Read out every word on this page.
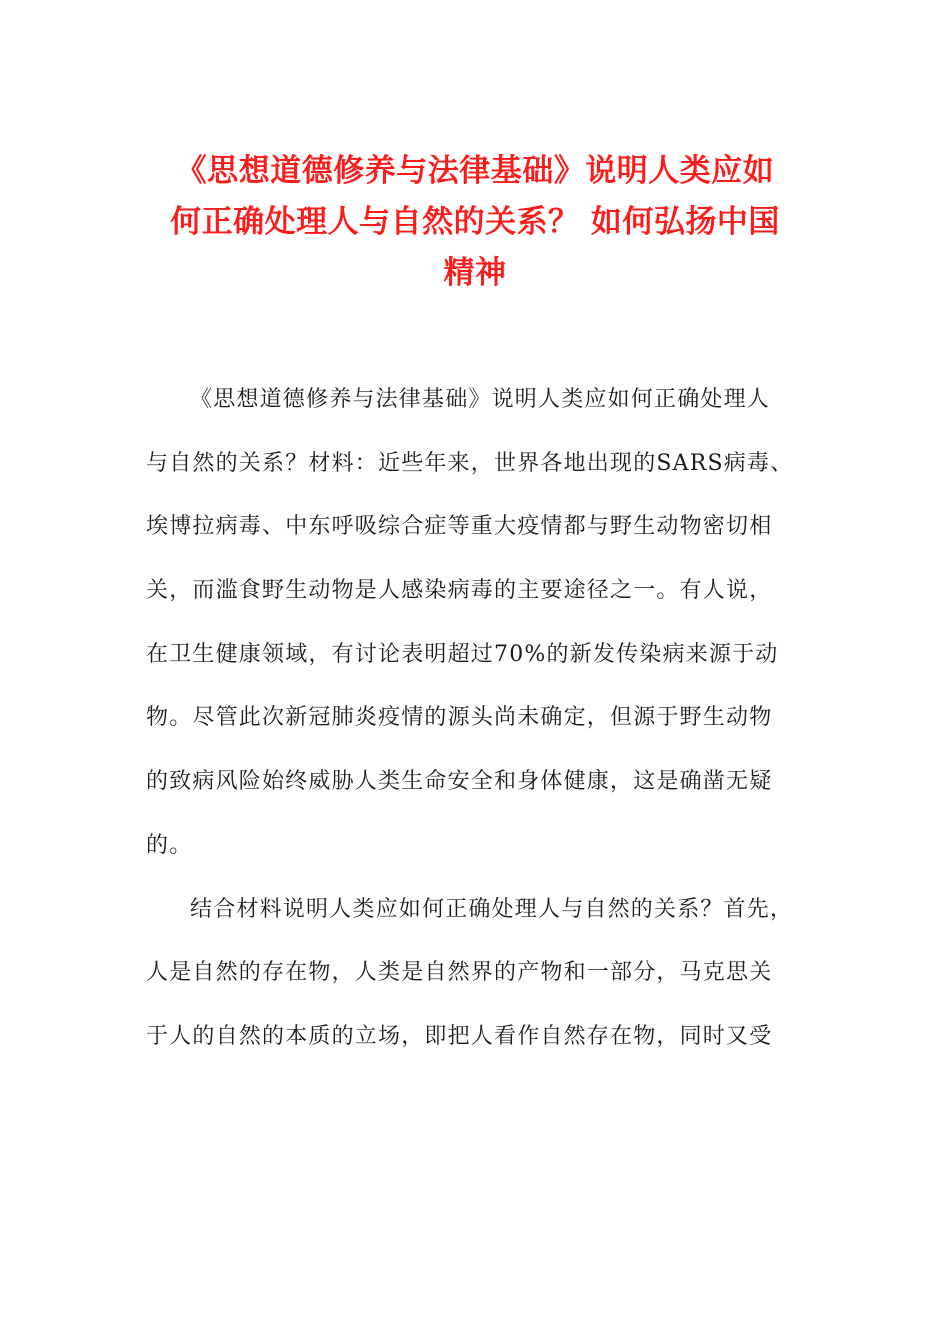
《思想道德修养与法律基础》说明人类应如
何正确处理人与自然的关系？ 如何弘扬中国
精神
《思想道德修养与法律基础》说明人类应如何正确处理人
与自然的关系？材料：近些年来，世界各地出现的SARS病毒、
埃博拉病毒、中东呼吸综合症等重大疫情都与野生动物密切相
关，而滥食野生动物是人感染病毒的主要途径之一。有人说，
在卫生健康领域，有讨论表明超过70%的新发传染病来源于动
物。尽管此次新冠肺炎疫情的源头尚未确定，但源于野生动物
的致病风险始终威胁人类生命安全和身体健康，这是确凿无疑
的。
结合材料说明人类应如何正确处理人与自然的关系？首先，
人是自然的存在物，人类是自然界的产物和一部分，马克思关
于人的自然的本质的立场，即把人看作自然存在物，同时又受
